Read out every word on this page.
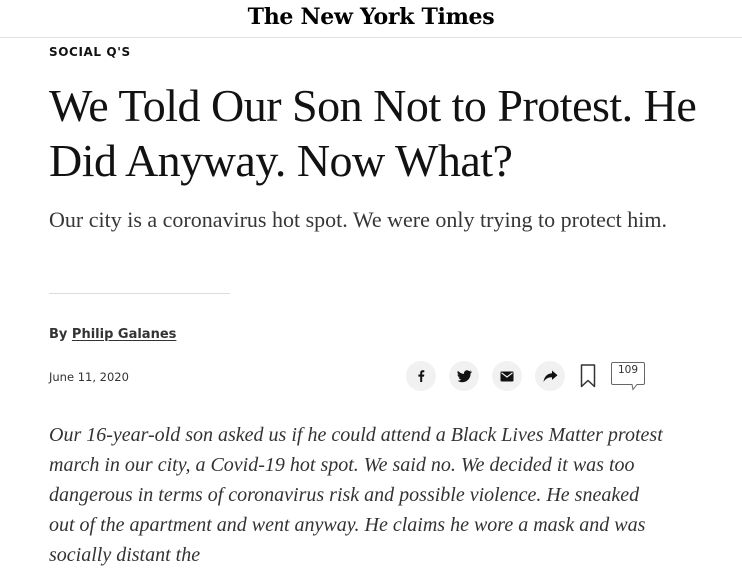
The New York Times
SOCIAL Q'S
We Told Our Son Not to Protest. He Did Anyway. Now What?

Our city is a coronavirus hot spot. We were only trying to protect him.

By Philip Galanes
June 11, 2020	109

Our 16-year-old son asked us if he could attend a Black Lives Matter protest march in our city, a Covid-19 hot spot. We said no. We decided it was too dangerous in terms of coronavirus risk and possible violence. He sneaked out of the apartment and went anyway. He claims he wore a mask and was socially distant the
